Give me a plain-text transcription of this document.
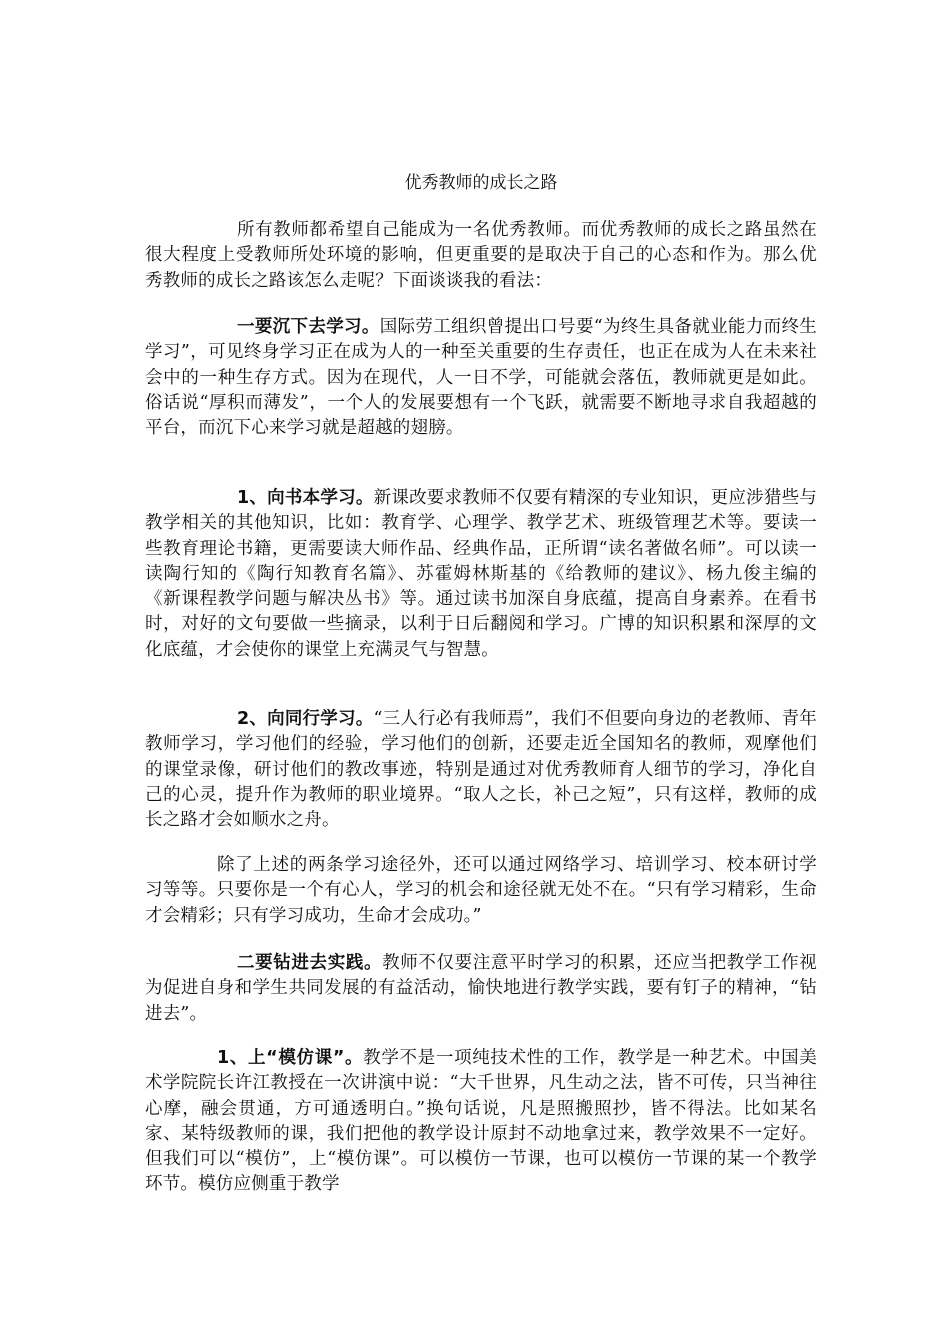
优秀教师的成长之路

所有教师都希望自己能成为一名优秀教师。而优秀教师的成长之路虽然在很大程度上受教师所处环境的影响，但更重要的是取决于自己的心态和作为。那么优秀教师的成长之路该怎么走呢？下面谈谈我的看法：

一要沉下去学习。国际劳工组织曾提出口号要“为终生具备就业能力而终生学习”，可见终身学习正在成为人的一种至关重要的生存责任，也正在成为人在未来社会中的一种生存方式。因为在现代，人一日不学，可能就会落伍，教师就更是如此。俗话说“厚积而薄发”，一个人的发展要想有一个飞跃，就需要不断地寻求自我超越的平台，而沉下心来学习就是超越的翅膀。

1、向书本学习。新课改要求教师不仅要有精深的专业知识，更应涉猎些与教学相关的其他知识，比如：教育学、心理学、教学艺术、班级管理艺术等。要读一些教育理论书籍，更需要读大师作品、经典作品，正所谓“读名著做名师”。可以读一读陶行知的《陶行知教育名篇》、苏霍姆林斯基的《给教师的建议》、杨九俊主编的《新课程教学问题与解决丛书》等。通过读书加深自身底蕴，提高自身素养。在看书时，对好的文句要做一些摘录，以利于日后翻阅和学习。广博的知识积累和深厚的文化底蕴，才会使你的课堂上充满灵气与智慧。

2、向同行学习。“三人行必有我师焉”，我们不但要向身边的老教师、青年教师学习，学习他们的经验，学习他们的创新，还要走近全国知名的教师，观摩他们的课堂录像，研讨他们的教改事迹，特别是通过对优秀教师育人细节的学习，净化自己的心灵，提升作为教师的职业境界。“取人之长，补己之短”，只有这样，教师的成长之路才会如顺水之舟。

除了上述的两条学习途径外，还可以通过网络学习、培训学习、校本研讨学习等等。只要你是一个有心人，学习的机会和途径就无处不在。“只有学习精彩，生命才会精彩；只有学习成功，生命才会成功。”

二要钻进去实践。教师不仅要注意平时学习的积累，还应当把教学工作视为促进自身和学生共同发展的有益活动，愉快地进行教学实践，要有钉子的精神，“钻进去”。

1、上“模仿课”。教学不是一项纯技术性的工作，教学是一种艺术。中国美术学院院长许江教授在一次讲演中说：“大千世界，凡生动之法，皆不可传，只当神往心摩，融会贯通，方可通透明白。”换句话说，凡是照搬照抄，皆不得法。比如某名家、某特级教师的课，我们把他的教学设计原封不动地拿过来，教学效果不一定好。但我们可以“模仿”，上“模仿课”。可以模仿一节课，也可以模仿一节课的某一个教学环节。模仿应侧重于教学
